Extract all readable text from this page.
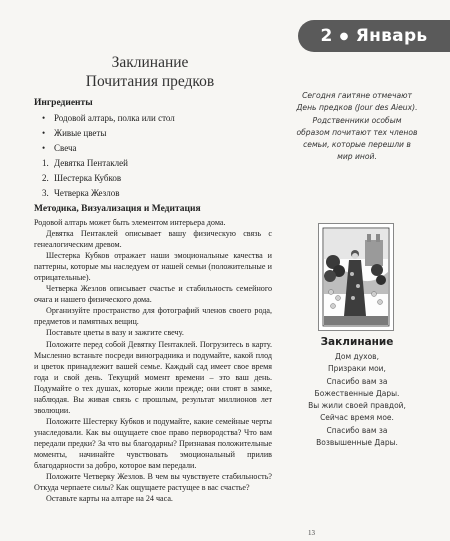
2 ● Январь
Заклинание
Почитания предков
Ингредиенты
• Родовой алтарь, полка или стол
• Живые цветы
• Свеча
1. Девятка Пентаклей
2. Шестерка Кубков
3. Четверка Жезлов
Методика, Визуализация и Медитация

Родовой алтарь может быть элементом интерьера дома.

Девятка Пентаклей описывает вашу физическую связь с генеалогическим древом.

Шестерка Кубков отражает наши эмоциональные качества и паттерны, которые мы наследуем от нашей семьи (положительные и отрицательные).

Четверка Жезлов описывает счастье и стабильность семейного очага и нашего физического дома.

Организуйте пространство для фотографий членов своего рода, предметов и памятных вещиц.

Поставьте цветы в вазу и зажгите свечу.

Положите перед собой Девятку Пентаклей. Погрузитесь в карту. Мысленно встаньте посреди виноградника и подумайте, какой плод и цветок принадлежит вашей семье. Каждый сад имеет свое время года и свой день. Текущий момент времени – это ваш день. Подумайте о тех душах, которые жили прежде; они стоят в замке, наблюдая. Вы живая связь с прошлым, результат миллионов лет эволюции.

Положите Шестерку Кубков и подумайте, какие семейные черты унаследовали. Как вы ощущаете свое право первородства? Что вам передали предки? За что вы благодарны? Признавая положительные моменты, начинайте чувствовать эмоциональный прилив благодарности за добро, которое вам передали.

Положите Четверку Жезлов. В чем вы чувствуете стабильность? Откуда черпаете силы? Как ощущаете растущее в вас счастье?

Оставьте карты на алтаре на 24 часа.

Сегодня гаитяне отмечают День предков (Jour des Aieux). Родственники особым образом почитают тех членов семьи, которые перешли в мир иной.
Заклинание
Дом духов,
Призраки мои,
Спасибо вам за
Божественные Дары.
Вы жили своей правдой,
Сейчас время мое.
Спасибо вам за
Возвышенные Дары.
13
